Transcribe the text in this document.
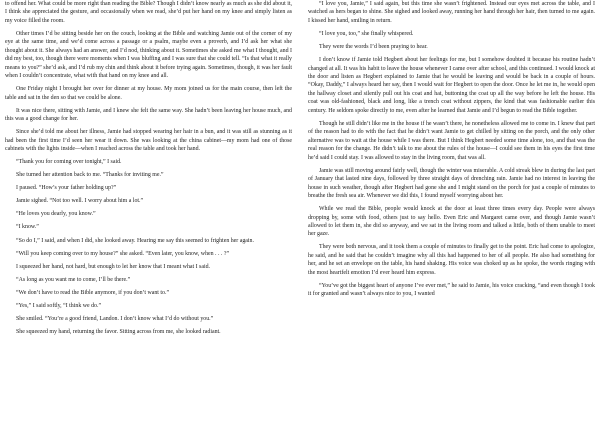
to offend her. What could be more right than reading the Bible? Though I didn’t know nearly as much as she did about it, I think she appreciated the gesture, and occasionally when we read, she’d put her hand on my knee and simply listen as my voice filled the room.

Other times I’d be sitting beside her on the couch, looking at the Bible and watching Jamie out of the corner of my eye at the same time, and we’d come across a passage or a psalm, maybe even a proverb, and I’d ask her what she thought about it. She always had an answer, and I’d nod, thinking about it. Sometimes she asked me what I thought, and I did my best, too, though there were moments when I was bluffing and I was sure that she could tell. “Is that what it really means to you?” she’d ask, and I’d rub my chin and think about it before trying again. Sometimes, though, it was her fault when I couldn’t concentrate, what with that hand on my knee and all.

One Friday night I brought her over for dinner at my house. My mom joined us for the main course, then left the table and sat in the den so that we could be alone.

It was nice there, sitting with Jamie, and I knew she felt the same way. She hadn’t been leaving her house much, and this was a good change for her.

Since she’d told me about her illness, Jamie had stopped wearing her hair in a bun, and it was still as stunning as it had been the first time I’d seen her wear it down. She was looking at the china cabinet—my mom had one of those cabinets with the lights inside—when I reached across the table and took her hand.

“Thank you for coming over tonight,” I said.

She turned her attention back to me. “Thanks for inviting me.”

I paused. “How’s your father holding up?”

Jamie sighed. “Not too well. I worry about him a lot.”

“He loves you dearly, you know.”

“I know.”

“So do I,” I said, and when I did, she looked away. Hearing me say this seemed to frighten her again.

“Will you keep coming over to my house?” she asked. “Even later, you know, when . . . ?”

I squeezed her hand, not hard, but enough to let her know that I meant what I said.

“As long as you want me to come, I’ll be there.”

“We don’t have to read the Bible anymore, if you don’t want to.”

“Yes,” I said softly, “I think we do.”

She smiled. “You’re a good friend, Landon. I don’t know what I’d do without you.”

She squeezed my hand, returning the favor. Sitting across from me, she looked radiant.

“I love you, Jamie,” I said again, but this time she wasn’t frightened. Instead our eyes met across the table, and I watched as hers began to shine. She sighed and looked away, running her hand through her hair, then turned to me again. I kissed her hand, smiling in return.

“I love you, too,” she finally whispered.

They were the words I’d been praying to hear.

I don’t know if Jamie told Hegbert about her feelings for me, but I somehow doubted it because his routine hadn’t changed at all. It was his habit to leave the house whenever I came over after school, and this continued. I would knock at the door and listen as Hegbert explained to Jamie that he would be leaving and would be back in a couple of hours. “Okay, Daddy,” I always heard her say, then I would wait for Hegbert to open the door. Once he let me in, he would open the hallway closet and silently pull out his coat and hat, buttoning the coat up all the way before he left the house. His coat was old-fashioned, black and long, like a trench coat without zippers, the kind that was fashionable earlier this century. He seldom spoke directly to me, even after he learned that Jamie and I’d begun to read the Bible together.

Though he still didn’t like me in the house if he wasn’t there, he nonetheless allowed me to come in. I knew that part of the reason had to do with the fact that he didn’t want Jamie to get chilled by sitting on the porch, and the only other alternative was to wait at the house while I was there. But I think Hegbert needed some time alone, too, and that was the real reason for the change. He didn’t talk to me about the rules of the house—I could see them in his eyes the first time he’d said I could stay. I was allowed to stay in the living room, that was all.

Jamie was still moving around fairly well, though the winter was miserable. A cold streak blew in during the last part of January that lasted nine days, followed by three straight days of drenching rain. Jamie had no interest in leaving the house in such weather, though after Hegbert had gone she and I might stand on the porch for just a couple of minutes to breathe the fresh sea air. Whenever we did this, I found myself worrying about her.

While we read the Bible, people would knock at the door at least three times every day. People were always dropping by, some with food, others just to say hello. Even Eric and Margaret came over, and though Jamie wasn’t allowed to let them in, she did so anyway, and we sat in the living room and talked a little, both of them unable to meet her gaze.

They were both nervous, and it took them a couple of minutes to finally get to the point. Eric had come to apologize, he said, and he said that he couldn’t imagine why all this had happened to her of all people. He also had something for her, and he set an envelope on the table, his hand shaking. His voice was choked up as he spoke, the words ringing with the most heartfelt emotion I’d ever heard him express.

“You’ve got the biggest heart of anyone I’ve ever met,” he said to Jamie, his voice cracking, “and even though I took it for granted and wasn’t always nice to you, I wanted
